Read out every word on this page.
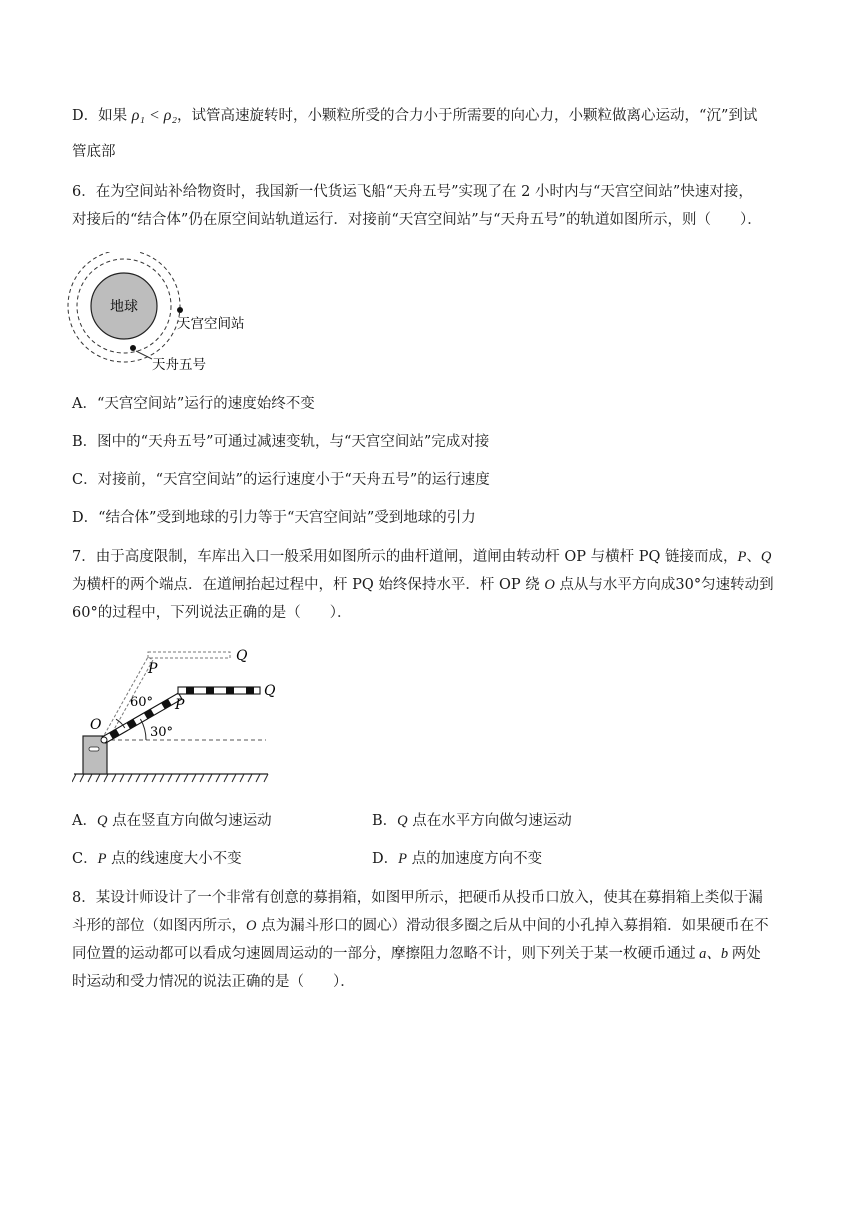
D．如果 ρ₁ < ρ₂，试管高速旋转时，小颗粒所受的合力小于所需要的向心力，小颗粒做离心运动，“沉”到试
管底部
6．在为空间站补给物资时，我国新一代货运飞船“天舟五号”实现了在 2 小时内与“天宫空间站”快速对接，
对接后的“结合体”仍在原空间站轨道运行．对接前“天宫空间站”与“天舟五号”的轨道如图所示，则（　　）．
地球
天宫空间站
天舟五号
A．“天宫空间站”运行的速度始终不变
B．图中的“天舟五号”可通过减速变轨，与“天宫空间站”完成对接
C．对接前，“天宫空间站”的运行速度小于“天舟五号”的运行速度
D．“结合体”受到地球的引力等于“天宫空间站”受到地球的引力
7．由于高度限制，车库出入口一般采用如图所示的曲杆道闸，道闸由转动杆 OP 与横杆 PQ 链接而成，P、Q
为横杆的两个端点．在道闸抬起过程中，杆 PQ 始终保持水平．杆 OP 绕 O 点从与水平方向成30°匀速转动到
60°的过程中，下列说法正确的是（　　）．
Q
P
60° P
Q
O	30°
A．Q 点在竖直方向做匀速运动	B．Q 点在水平方向做匀速运动
C．P 点的线速度大小不变	D．P 点的加速度方向不变
8．某设计师设计了一个非常有创意的募捐箱，如图甲所示，把硬币从投币口放入，使其在募捐箱上类似于漏
斗形的部位（如图丙所示，O 点为漏斗形口的圆心）滑动很多圈之后从中间的小孔掉入募捐箱．如果硬币在不
同位置的运动都可以看成匀速圆周运动的一部分，摩擦阻力忽略不计，则下列关于某一枚硬币通过 a、b 两处
时运动和受力情况的说法正确的是（　　）．
